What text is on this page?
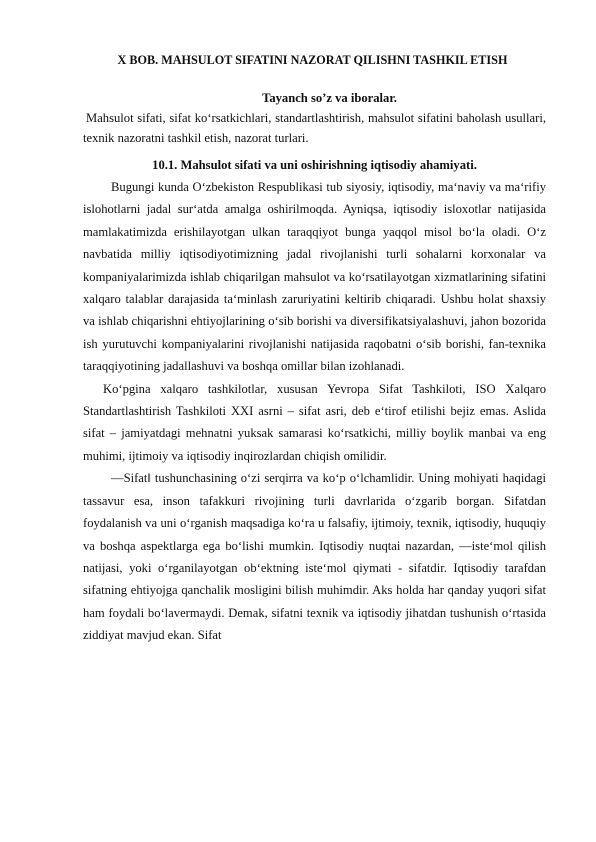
X BOB. MAHSULOT SIFATINI NAZORAT QILISHNI TASHKIL ETISH
Tayanch so’z va iboralar.

Mahsulot sifati, sifat ko‘rsatkichlari, standartlashtirish, mahsulot sifatini baholash usullari, texnik nazoratni tashkil etish, nazorat turlari.

10.1. Mahsulot sifati va uni oshirishning iqtisodiy ahamiyati.

Bugungi kunda O‘zbekiston Respublikasi tub siyosiy, iqtisodiy, ma‘naviy va ma‘rifiy islohotlarni jadal sur‘atda amalga oshirilmoqda. Ayniqsa, iqtisodiy isloxotlar natijasida mamlakatimizda erishilayotgan ulkan taraqqiyot bunga yaqqol misol bo‘la oladi. O‘z navbatida milliy iqtisodiyotimizning jadal rivojlanishi turli sohalarni korxonalar va kompaniyalarimizda ishlab chiqarilgan mahsulot va ko‘rsatilayotgan xizmatlarining sifatini xalqaro talablar darajasida ta‘minlash zaruriyatini keltirib chiqaradi. Ushbu holat shaxsiy va ishlab chiqarishni ehtiyojlarining o‘sib borishi va diversifikatsiyalashuvi, jahon bozorida ish yurutuvchi kompaniyalarini rivojlanishi natijasida raqobatni o‘sib borishi, fan-texnika taraqqiyotining jadallashuvi va boshqa omillar bilan izohlanadi.

Ko‘pgina xalqaro tashkilotlar, xususan Yevropa Sifat Tashkiloti, ISO Xalqaro Standartlashtirish Tashkiloti XXI asrni – sifat asri, deb e‘tirof etilishi bejiz emas. Aslida sifat – jamiyatdagi mehnatni yuksak samarasi ko‘rsatkichi, milliy boylik manbai va eng muhimi, ijtimoiy va iqtisodiy inqirozlardan chiqish omilidir.

―Sifat‖ tushunchasining o‘zi serqirra va ko‘p o‘lchamlidir. Uning mohiyati haqidagi tassavur esa, inson tafakkuri rivojining turli davrlarida o‘zgarib borgan. Sifatdan foydalanish va uni o‘rganish maqsadiga ko‘ra u falsafiy, ijtimoiy, texnik, iqtisodiy, huquqiy va boshqa aspektlarga ega bo‘lishi mumkin. Iqtisodiy nuqtai nazardan, ―iste‘mol qilish natijasi, yoki o‘rganilayotgan ob‘ektning iste‘mol qiymati - sifatdir. Iqtisodiy tarafdan sifatning ehtiyojga qanchalik mosligini bilish muhimdir. Aks holda har qanday yuqori sifat ham foydali bo‘lavermaydi. Demak, sifatni texnik va iqtisodiy jihatdan tushunish o‘rtasida ziddiyat mavjud ekan. Sifat
